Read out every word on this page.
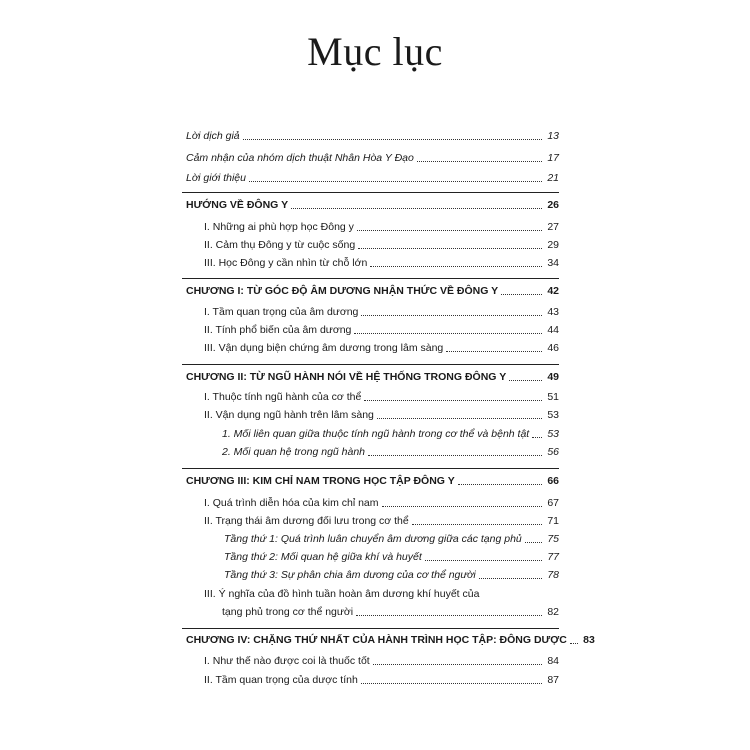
Mục lục
Lời dịch giả	13
Cảm nhận của nhóm dịch thuật Nhân Hòa Y Đạo	17
Lời giới thiệu	21
HƯỚNG VỀ ĐÔNG Y	26
I. Những ai phù hợp học Đông y	27
II. Cảm thụ Đông y từ cuộc sống	29
III. Học Đông y cần nhìn từ chỗ lớn	34
CHƯƠNG I: TỪ GÓC ĐỘ ÂM DƯƠNG NHẬN THỨC VỀ ĐÔNG Y	42
I. Tầm quan trọng của âm dương	43
II. Tính phổ biến của âm dương	44
III. Vận dụng biện chứng âm dương trong lâm sàng	46
CHƯƠNG II: TỪ NGŨ HÀNH NÓI VỀ HỆ THỐNG TRONG ĐÔNG Y	49
I. Thuộc tính ngũ hành của cơ thể	51
II. Vận dụng ngũ hành trên lâm sàng	53
1. Mối liên quan giữa thuộc tính ngũ hành trong cơ thể và bệnh tật 53
2. Mối quan hệ trong ngũ hành	56
CHƯƠNG III: KIM CHỈ NAM TRONG HỌC TẬP ĐÔNG Y	66
I. Quá trình diễn hóa của kim chỉ nam	67
II. Trạng thái âm dương đối lưu trong cơ thể	71
Tầng thứ 1: Quá trình luân chuyển âm dương giữa các tạng phủ 75
Tầng thứ 2: Mối quan hệ giữa khí và huyết	77
Tầng thứ 3: Sự phân chia âm dương của cơ thể người	78
III. Ý nghĩa của đồ hình tuần hoàn âm dương khí huyết của
tạng phủ trong cơ thể người	82
CHƯƠNG IV: CHẶNG THỨ NHẤT CỦA HÀNH TRÌNH HỌC TẬP: ĐÔNG DƯỢC 83
I. Như thế nào được coi là thuốc tốt	84
II. Tầm quan trọng của dược tính	87
